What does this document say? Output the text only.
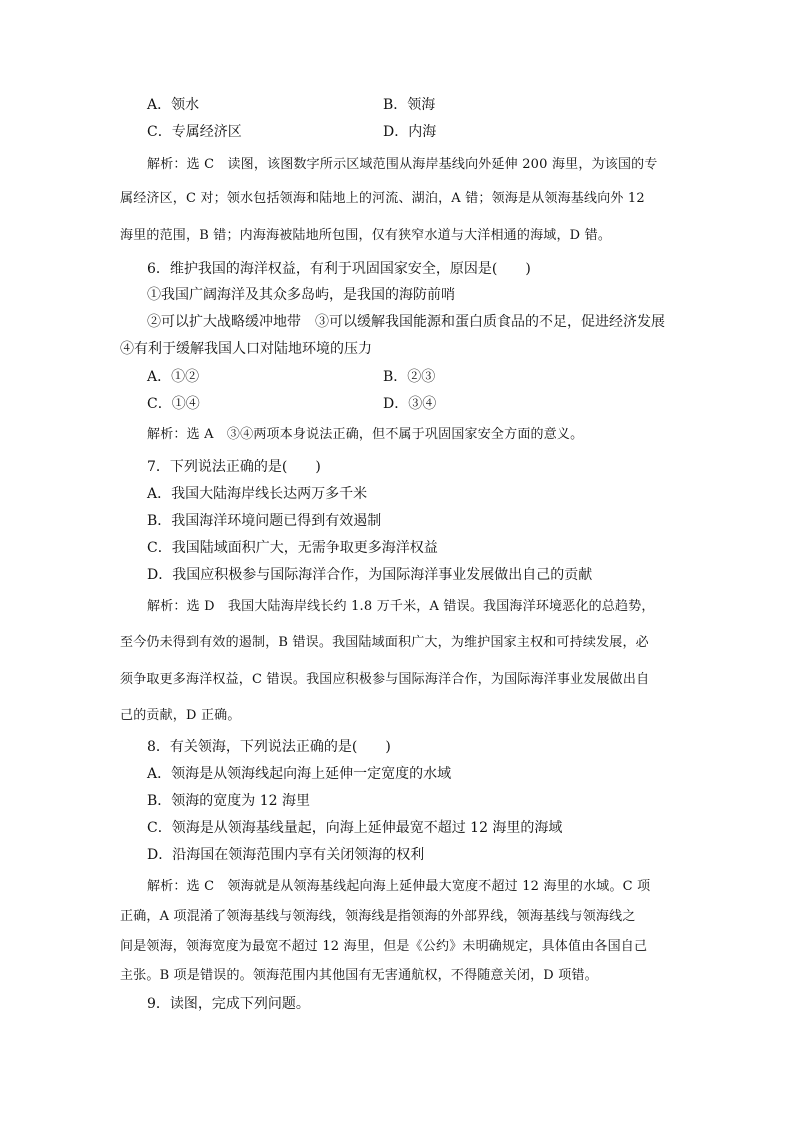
A．领水	B．领海
C．专属经济区	D．内海
解析：选 C　读图，该图数字所示区域范围从海岸基线向外延伸 200 海里，为该国的专
属经济区，C 对；领水包括领海和陆地上的河流、湖泊，A 错；领海是从领海基线向外 12
海里的范围，B 错；内海海被陆地所包围，仅有狭窄水道与大洋相通的海域，D 错。
6．维护我国的海洋权益，有利于巩固国家安全，原因是(　　)
①我国广阔海洋及其众多岛屿，是我国的海防前哨
②可以扩大战略缓冲地带　③可以缓解我国能源和蛋白质食品的不足，促进经济发展
④有利于缓解我国人口对陆地环境的压力
A．①②	B．②③
C．①④	D．③④
解析：选 A　③④两项本身说法正确，但不属于巩固国家安全方面的意义。
7．下列说法正确的是(　　)
A．我国大陆海岸线长达两万多千米
B．我国海洋环境问题已得到有效遏制
C．我国陆域面积广大，无需争取更多海洋权益
D．我国应积极参与国际海洋合作，为国际海洋事业发展做出自己的贡献
解析：选 D　我国大陆海岸线长约 1.8 万千米，A 错误。我国海洋环境恶化的总趋势，
至今仍未得到有效的遏制，B 错误。我国陆域面积广大，为维护国家主权和可持续发展，必
须争取更多海洋权益，C 错误。我国应积极参与国际海洋合作，为国际海洋事业发展做出自
己的贡献，D 正确。
8．有关领海，下列说法正确的是(　　)
A．领海是从领海线起向海上延伸一定宽度的水域
B．领海的宽度为 12 海里
C．领海是从领海基线量起，向海上延伸最宽不超过 12 海里的海域
D．沿海国在领海范围内享有关闭领海的权利
解析：选 C　领海就是从领海基线起向海上延伸最大宽度不超过 12 海里的水域。C 项
正确，A 项混淆了领海基线与领海线，领海线是指领海的外部界线，领海基线与领海线之
间是领海，领海宽度为最宽不超过 12 海里，但是《公约》未明确规定，具体值由各国自己
主张。B 项是错误的。领海范围内其他国有无害通航权，不得随意关闭，D 项错。
9．读图，完成下列问题。
